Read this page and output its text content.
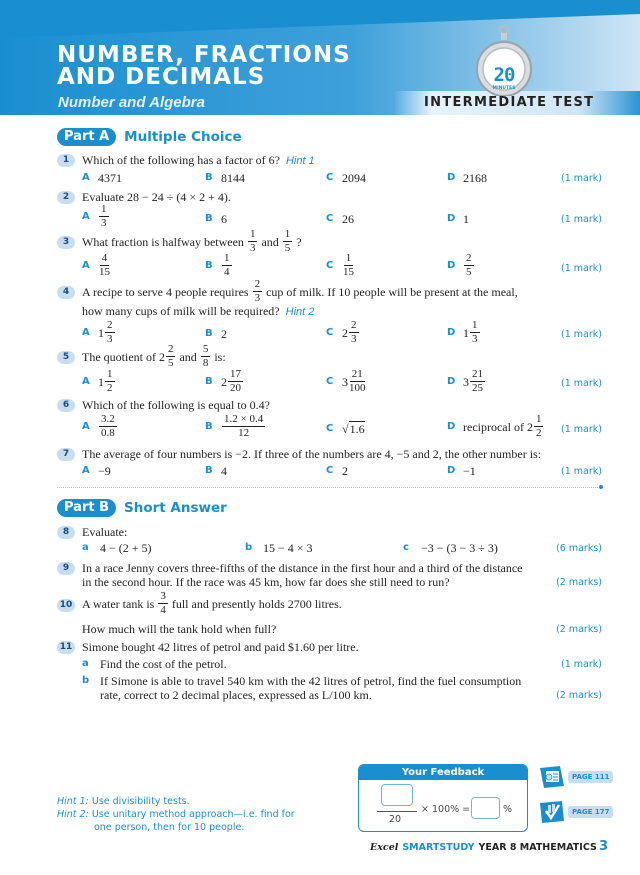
NUMBER, FRACTIONS
AND DECIMALS
Number and Algebra
20
MINUTES
INTERMEDIATE TEST
Part A	Multiple Choice
1	Which of the following has a factor of 6? Hint 1
A 4371	B 8144	C 2094	D 2168	(1 mark)
2	Evaluate 28 − 24 ÷ (4 × 2 + 4).
A $\frac{1}{3}$	B 6	C 26	D 1	(1 mark)
3	What fraction is halfway between $\frac{1}{3}$ and $\frac{1}{5}$ ?
A $\frac{4}{15}$	B $\frac{1}{4}$	C $\frac{1}{15}$	D $\frac{2}{5}$	(1 mark)
4	A recipe to serve 4 people requires $\frac{2}{3}$ cup of milk. If 10 people will be present at the meal,
how many cups of milk will be required? Hint 2
A $1 \frac{2}{3}$	B 2	C $2 \frac{2}{3}$	D $1 \frac{1}{3}$	(1 mark)
5	The quotient of $2 \frac{2}{5}$ and $\frac{5}{8}$ is:
A $1 \frac{1}{2}$	B $2 \frac{17}{20}$	C $3 \frac{21}{100}$	D $3 \frac{21}{25}$	(1 mark)
6	Which of the following is equal to 0.4?
A $\frac{3.2}{0.8}$	B $\frac{1.2 \times 0.4}{12}$	C √1.6	D reciprocal of $2 \frac{1}{2} (1$ mark)
7	The average of four numbers is −2. If three of the numbers are 4, −5 and 2, the other number is:
A −9	B 4	C 2	D −1	(1 mark)
Part B	Short Answer
8	Evaluate:
a 4 − (2 + 5)	b 15 − 4 × 3	c	−3 − (3 − 3 ÷ 3)	(6 marks)
9	In a race Jenny covers three-fifths of the distance in the first hour and a third of the distance
in the second hour. If the race was 45 km, how far does she still need to run?	(2 marks)
10 A water tank is $\frac{3}{4}$ full and presently holds 2700 litres.
How much will the tank hold when full?	(2 marks)
11 Simone bought 42 litres of petrol and paid $1.60 per litre.
a Find the cost of the petrol.	(1 mark)
b If Simone is able to travel 540 km with the 42 litres of petrol, find the fuel consumption
rate, correct to 2 decimal places, expressed as L/100 km.	(2 marks)
Hint 1: Use divisibility tests.
Hint 2: Use unitary method approach—i.e. find for
one person, then for 10 people.
Your Feedback
20
× 100% =	%
PAGE 111
PAGE 177
Excel SMARTSTUDY YEAR 8 MATHEMATICS 3
